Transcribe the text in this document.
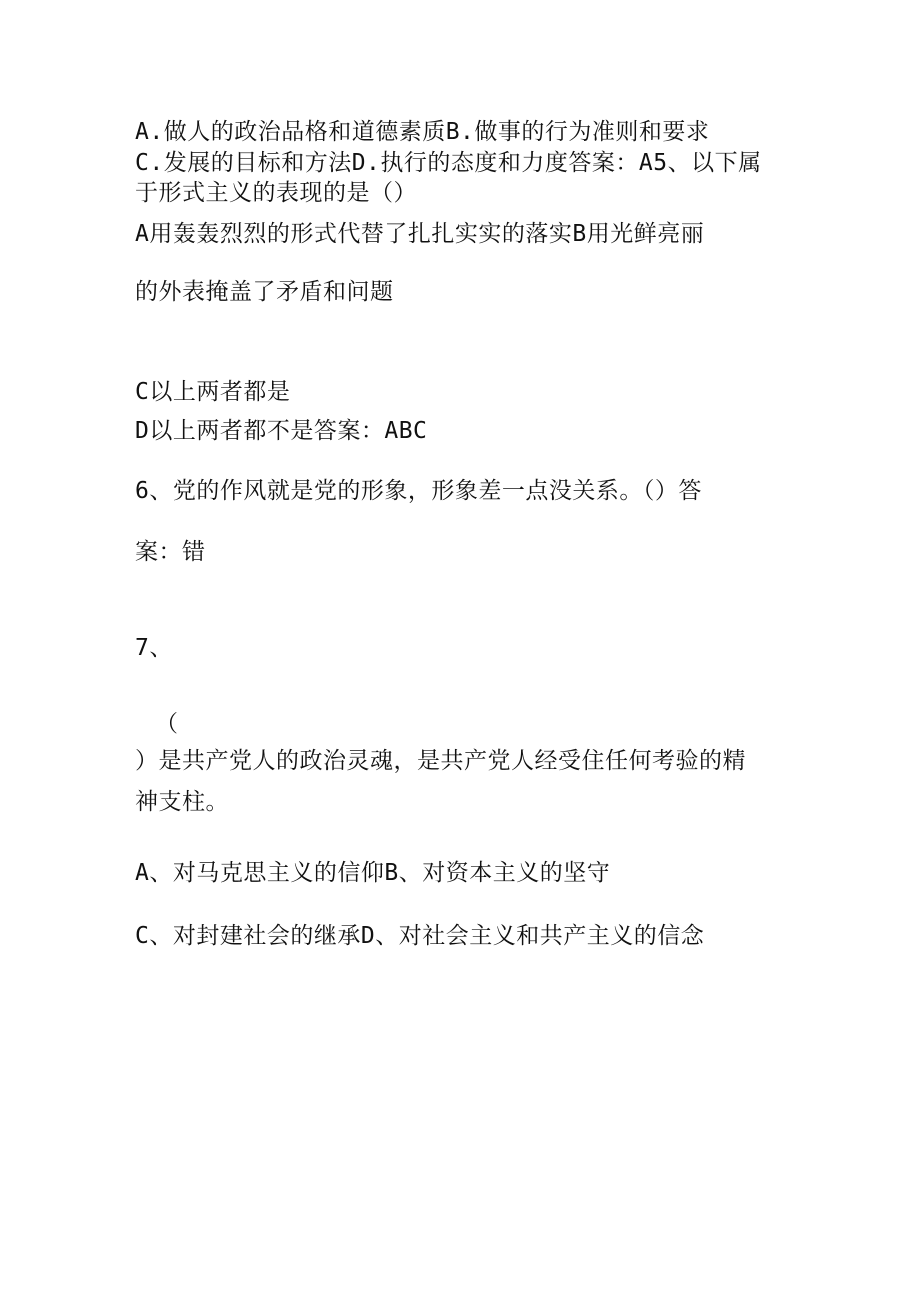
A.做人的政治品格和道德素质B.做事的行为准则和要求
C.发展的目标和方法D.执行的态度和力度答案：A5、以下属
于形式主义的表现的是（）
A用轰轰烈烈的形式代替了扎扎实实的落实B用光鲜亮丽
的外表掩盖了矛盾和问题
C以上两者都是
D以上两者都不是答案：ABC
6、党的作风就是党的形象，形象差一点没关系。（）答
案：错
7、
（
）是共产党人的政治灵魂，是共产党人经受住任何考验的精
神支柱。
A、对马克思主义的信仰B、对资本主义的坚守
C、对封建社会的继承D、对社会主义和共产主义的信念
